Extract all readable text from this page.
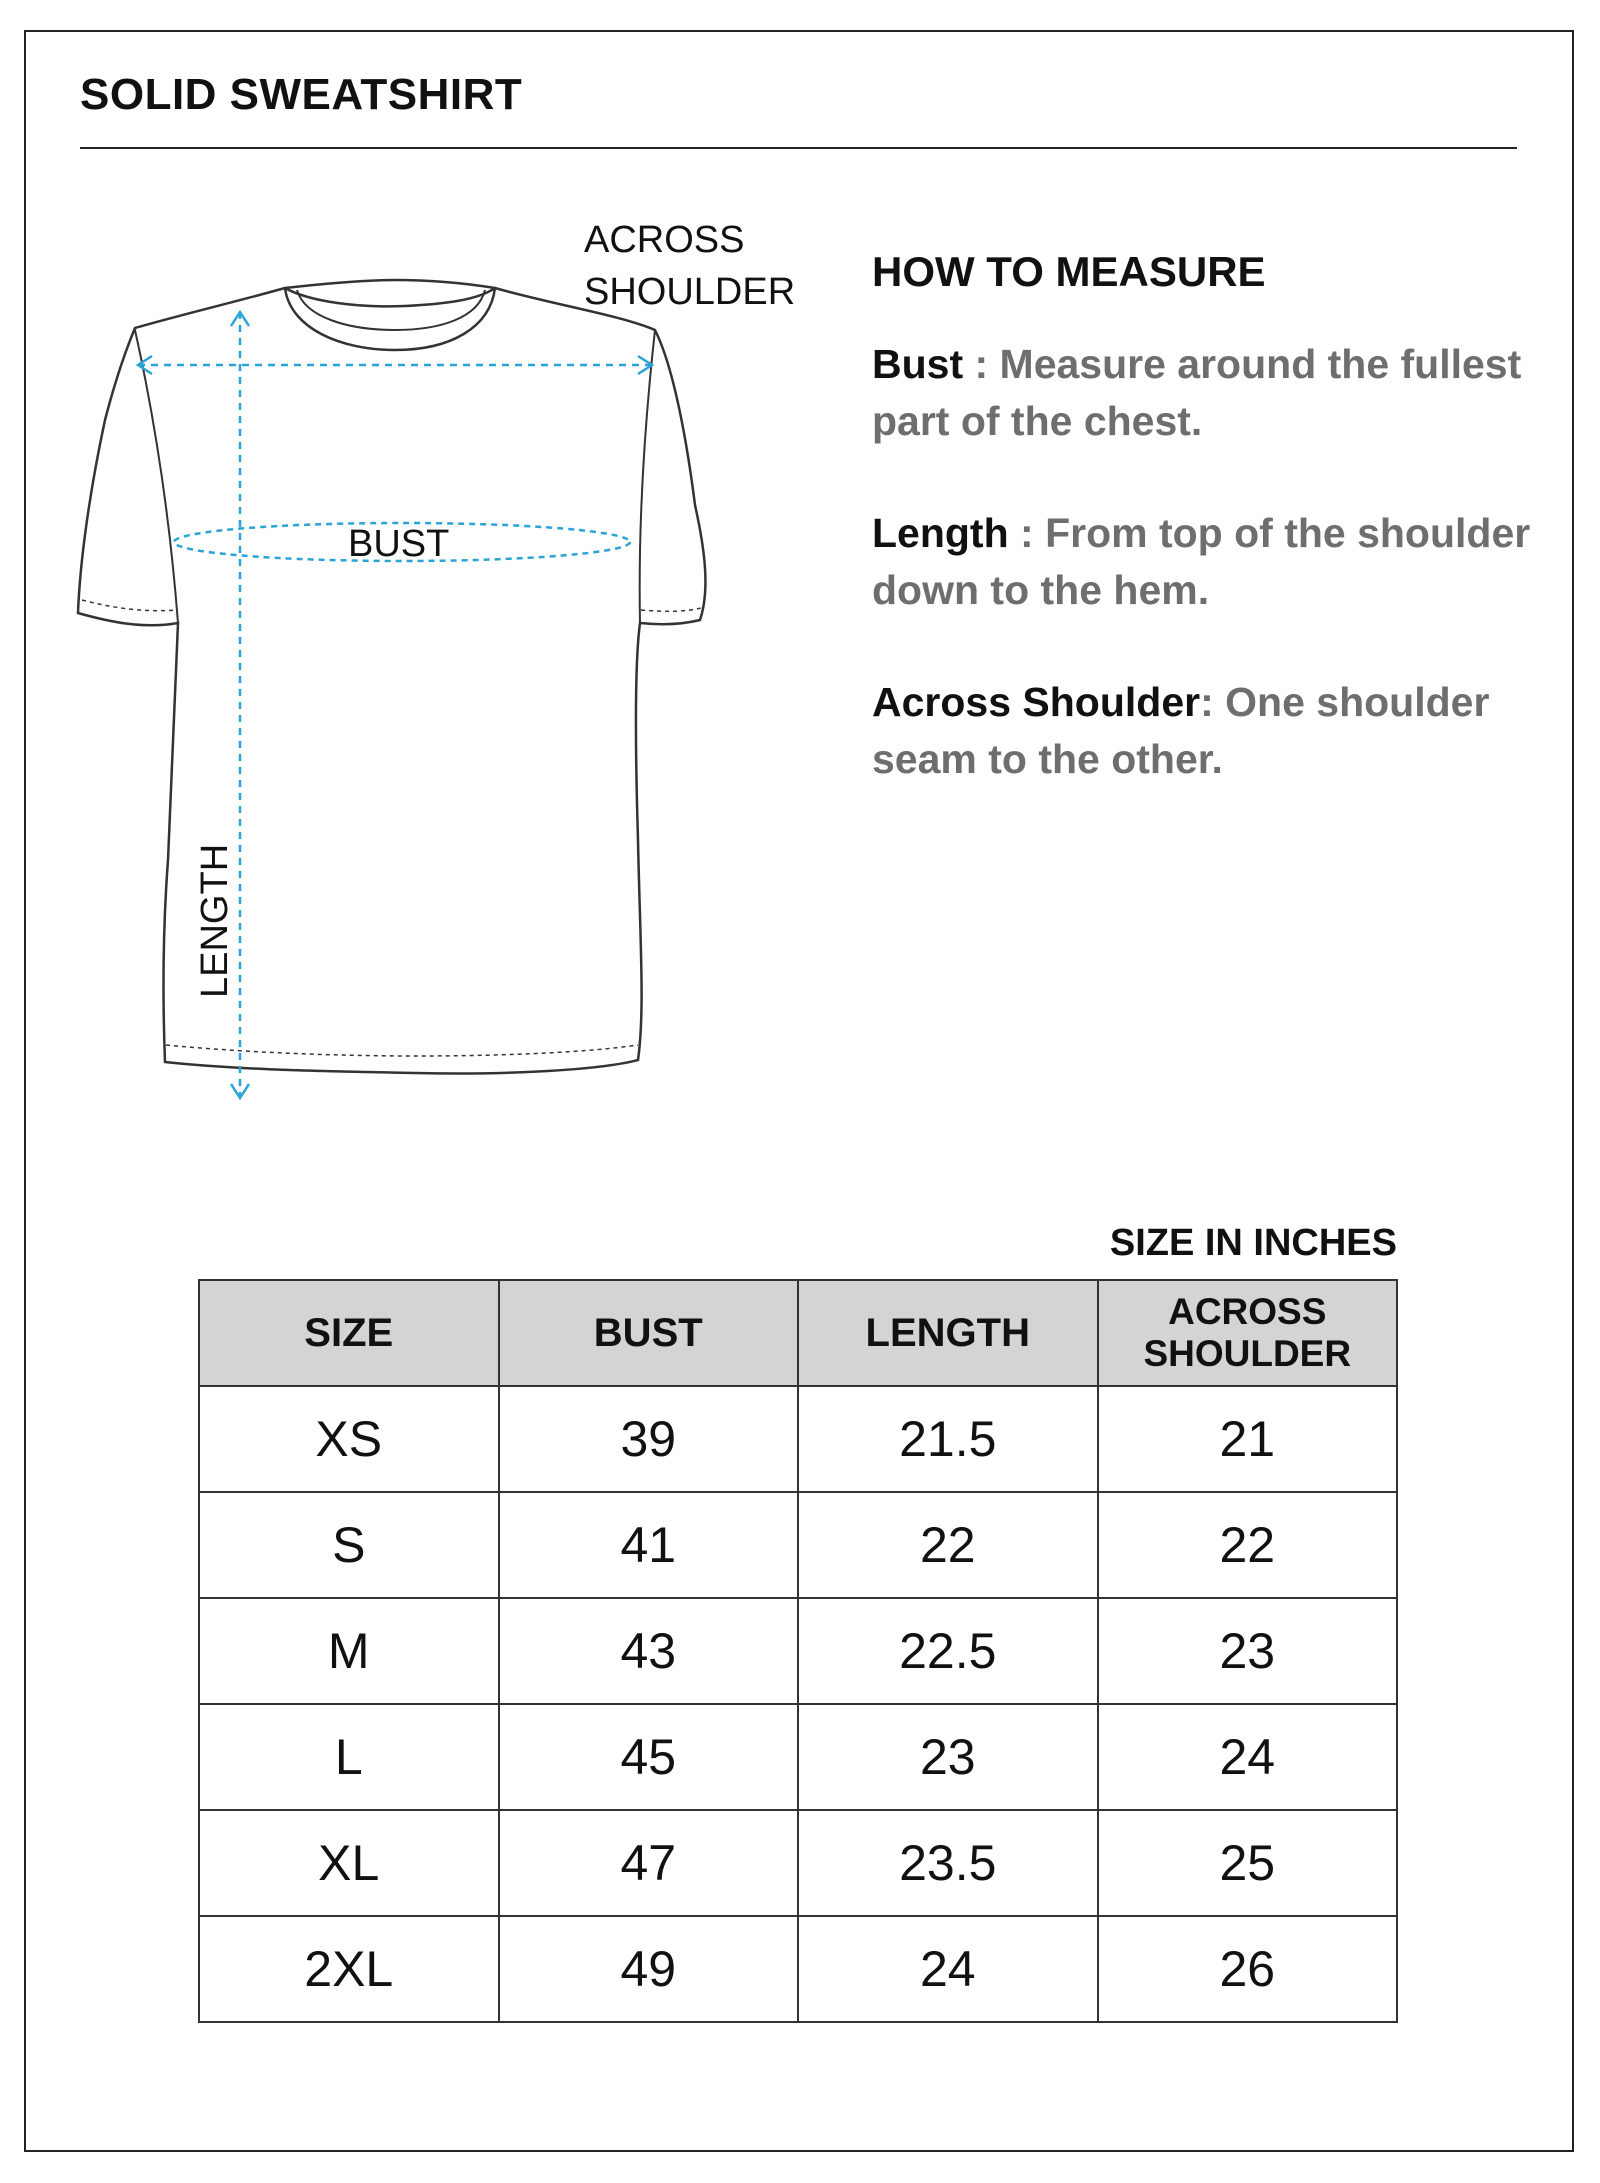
SOLID SWEATSHIRT
ACROSS
SHOULDER
BUST
LENGTH
HOW TO MEASURE
Bust : Measure around the fullest part of the chest.
Length : From top of the shoulder down to the hem.
Across Shoulder: One shoulder seam to the other.
SIZE IN INCHES
SIZE	BUST	LENGTH	ACROSS
SHOULDER

XS	39	21.5	21
S	41	22	22
M	43	22.5	23
L	45	23	24
XL	47	23.5	25
2XL	49	24	26
